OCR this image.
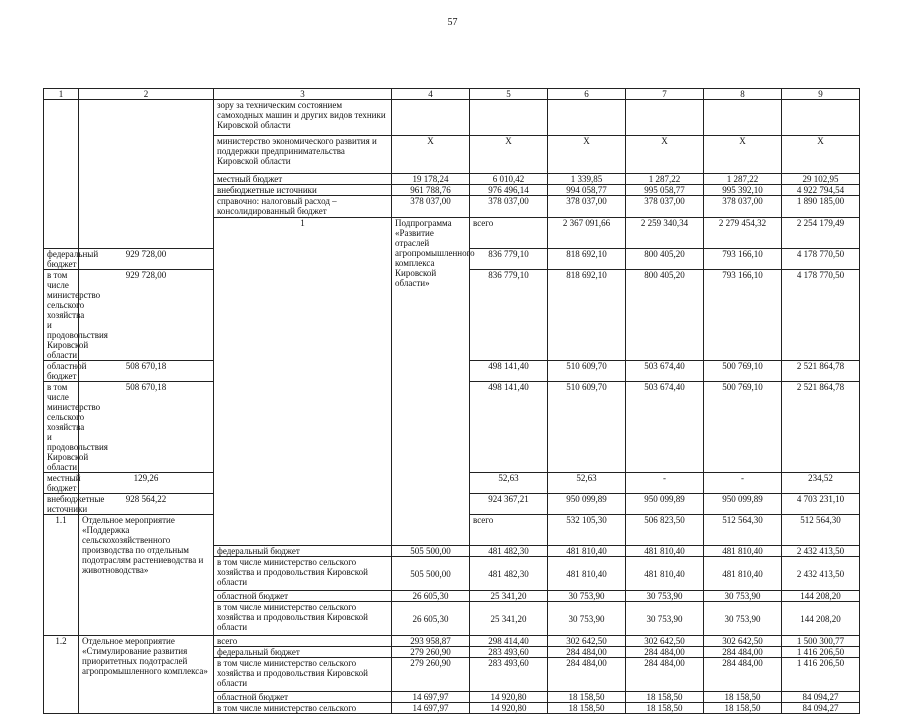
57
1	2	3	4	5	6	7	8	9	
		зору за техническим состоянием самоходных машин и других видов техники Кировской области							
		министерство экономического развития и поддержки предпринимательства Кировской области	X	X	X	X	X	X	
		местный бюджет	19 178,24	6 010,42	1 339,85	1 287,22	1 287,22	29 102,95	
		внебюджетные источники	961 788,76	976 496,14	994 058,77	995 058,77	995 392,10	4 922 794,54	
		справочно: налоговый расход – консолидированный бюджет	378 037,00	378 037,00	378 037,00	378 037,00	378 037,00	1 890 185,00	
		1	Подпрограмма «Развитие отраслей агропромышленного комплекса Кировской области»	всего	2 367 091,66	2 259 340,34	2 279 454,32	2 254 179,49		
федеральный бюджет	929 728,00			836 779,10	818 692,10	800 405,20	793 166,10	4 178 770,50	
в том числе министерство сельского хозяйства и продовольствия Кировской области	929 728,00			836 779,10	818 692,10	800 405,20	793 166,10	4 178 770,50	
областной бюджет	508 670,18			498 141,40	510 609,70	503 674,40	500 769,10	2 521 864,78	
в том числе министерство сельского хозяйства и продовольствия Кировской области	508 670,18			498 141,40	510 609,70	503 674,40	500 769,10	2 521 864,78	
местный бюджет	129,26			52,63	52,63	-	-	234,52	
внебюджетные источники	928 564,22			924 367,21	950 099,89	950 099,89	950 099,89	4 703 231,10	
1.1	Отдельное мероприятие «Поддержка сельскохозяйственного производства по отдельным подотраслям растениеводства и животноводства»			всего	532 105,30	506 823,50	512 564,30	512 564,30		
		федеральный бюджет	505 500,00	481 482,30	481 810,40	481 810,40	481 810,40	2 432 413,50	
		в том числе министерство сельского хозяйства и продовольствия Кировской области	505 500,00	481 482,30	481 810,40	481 810,40	481 810,40	2 432 413,50	
		областной бюджет	26 605,30	25 341,20	30 753,90	30 753,90	30 753,90	144 208,20	
		в том числе министерство сельского хозяйства и продовольствия Кировской области	26 605,30	25 341,20	30 753,90	30 753,90	30 753,90	144 208,20	
1.2	Отдельное мероприятие «Стимулирование развития приоритетных подотраслей агропромышленного комплекса»	всего	293 958,87	298 414,40	302 642,50	302 642,50	302 642,50	1 500 300,77	
		федеральный бюджет	279 260,90	283 493,60	284 484,00	284 484,00	284 484,00	1 416 206,50	
		в том числе министерство сельского хозяйства и продовольствия Кировской области	279 260,90	283 493,60	284 484,00	284 484,00	284 484,00	1 416 206,50	
		областной бюджет	14 697,97	14 920,80	18 158,50	18 158,50	18 158,50	84 094,27	
		в том числе министерство сельского	14 697,97	14 920,80	18 158,50	18 158,50	18 158,50	84 094,27	
